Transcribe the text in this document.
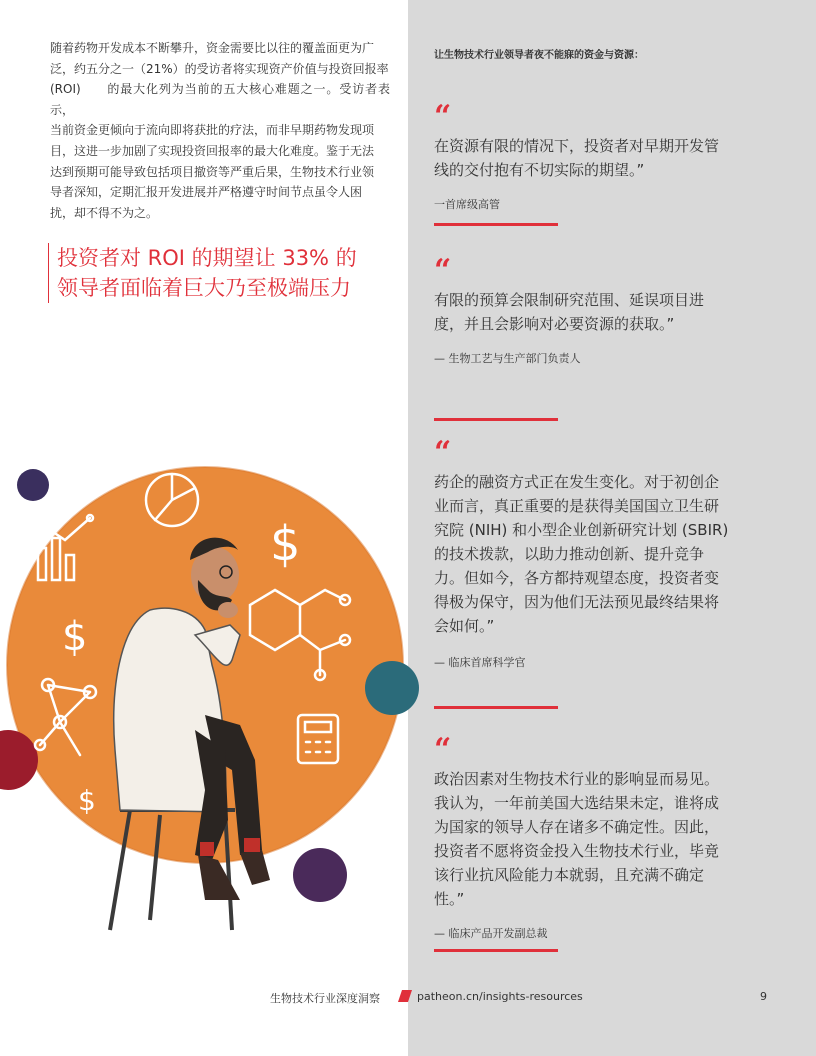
随着药物开发成本不断攀升，资金需要比以往的覆盖面更为广
泛，约五分之一（21%）的受访者将实现资产价值与投资回报率
(ROI)　　的最大化列为当前的五大核心难题之一。受访者表示，
当前资金更倾向于流向即将获批的疗法，而非早期药物发现项
目，这进一步加剧了实现投资回报率的最大化难度。鉴于无法
达到预期可能导致包括项目撤资等严重后果，生物技术行业领
导者深知，定期汇报开发进展并严格遵守时间节点虽令人困
扰，却不得不为之。
投资者对 ROI 的期望让 33% 的
领导者面临着巨大乃至极端压力
$
$
$
让生物技术行业领导者夜不能寐的资金与资源：
“
在资源有限的情况下，投资者对早期开发管
线的交付抱有不切实际的期望。”
一首席级高管
“
有限的预算会限制研究范围、延误项目进
度，并且会影响对必要资源的获取。”
— 生物工艺与生产部门负责人
“
药企的融资方式正在发生变化。对于初创企
业而言，真正重要的是获得美国国立卫生研
究院 (NIH) 和小型企业创新研究计划 (SBIR)
的技术拨款，以助力推动创新、提升竞争
力。但如今，各方都持观望态度，投资者变
得极为保守，因为他们无法预见最终结果将
会如何。”
— 临床首席科学官
“
政治因素对生物技术行业的影响显而易见。
我认为，一年前美国大选结果未定，谁将成
为国家的领导人存在诸多不确定性。因此，
投资者不愿将资金投入生物技术行业，毕竟
该行业抗风险能力本就弱，且充满不确定
性。”
— 临床产品开发副总裁
生物技术行业深度洞察	patheon.cn/insights-resources	9
